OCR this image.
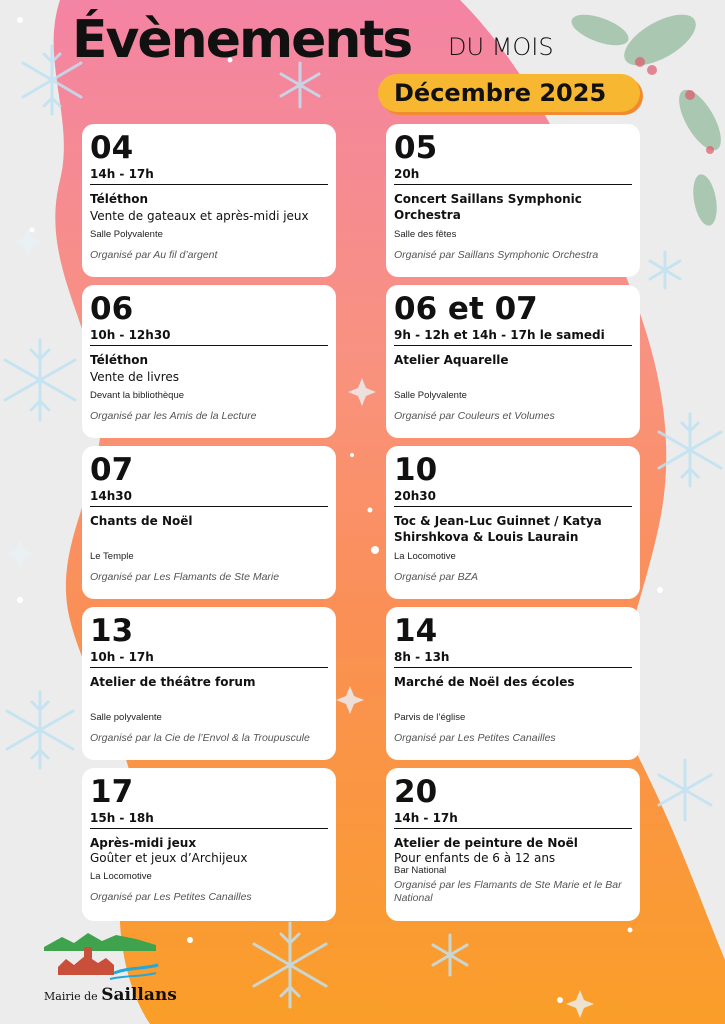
Évènements DU MOIS
Décembre 2025
04
14h - 17h
Téléthon
Vente de gateaux et après-midi jeux
Salle Polyvalente
Organisé par Au fil d’argent
05
20h
Concert Saillans Symphonic Orchestra
Salle des fêtes
Organisé par Saillans Symphonic Orchestra
06
10h - 12h30
Téléthon
Vente de livres
Devant la bibliothèque
Organisé par les Amis de la Lecture
06 et 07
9h - 12h et 14h - 17h le samedi
Atelier Aquarelle
Salle Polyvalente
Organisé par Couleurs et Volumes
07
14h30
Chants de Noël
Le Temple
Organisé par Les Flamants de Ste Marie
10
20h30
Toc & Jean-Luc Guinnet / Katya Shirshkova & Louis Laurain
La Locomotive
Organisé par BZA
13
10h - 17h
Atelier de théâtre forum
Salle polyvalente
Organisé par la Cie de l’Envol & la Troupuscule
14
8h - 13h
Marché de Noël des écoles
Parvis de l’église
Organisé par Les Petites Canailles
17
15h - 18h
Après-midi jeux
Goûter et jeux d’Archijeux
La Locomotive
Organisé par Les Petites Canailles
20
14h - 17h
Atelier de peinture de Noël
Pour enfants de 6 à 12 ans
Bar National
Organisé par les Flamants de Ste Marie et le Bar National
Mairie de Saillans
